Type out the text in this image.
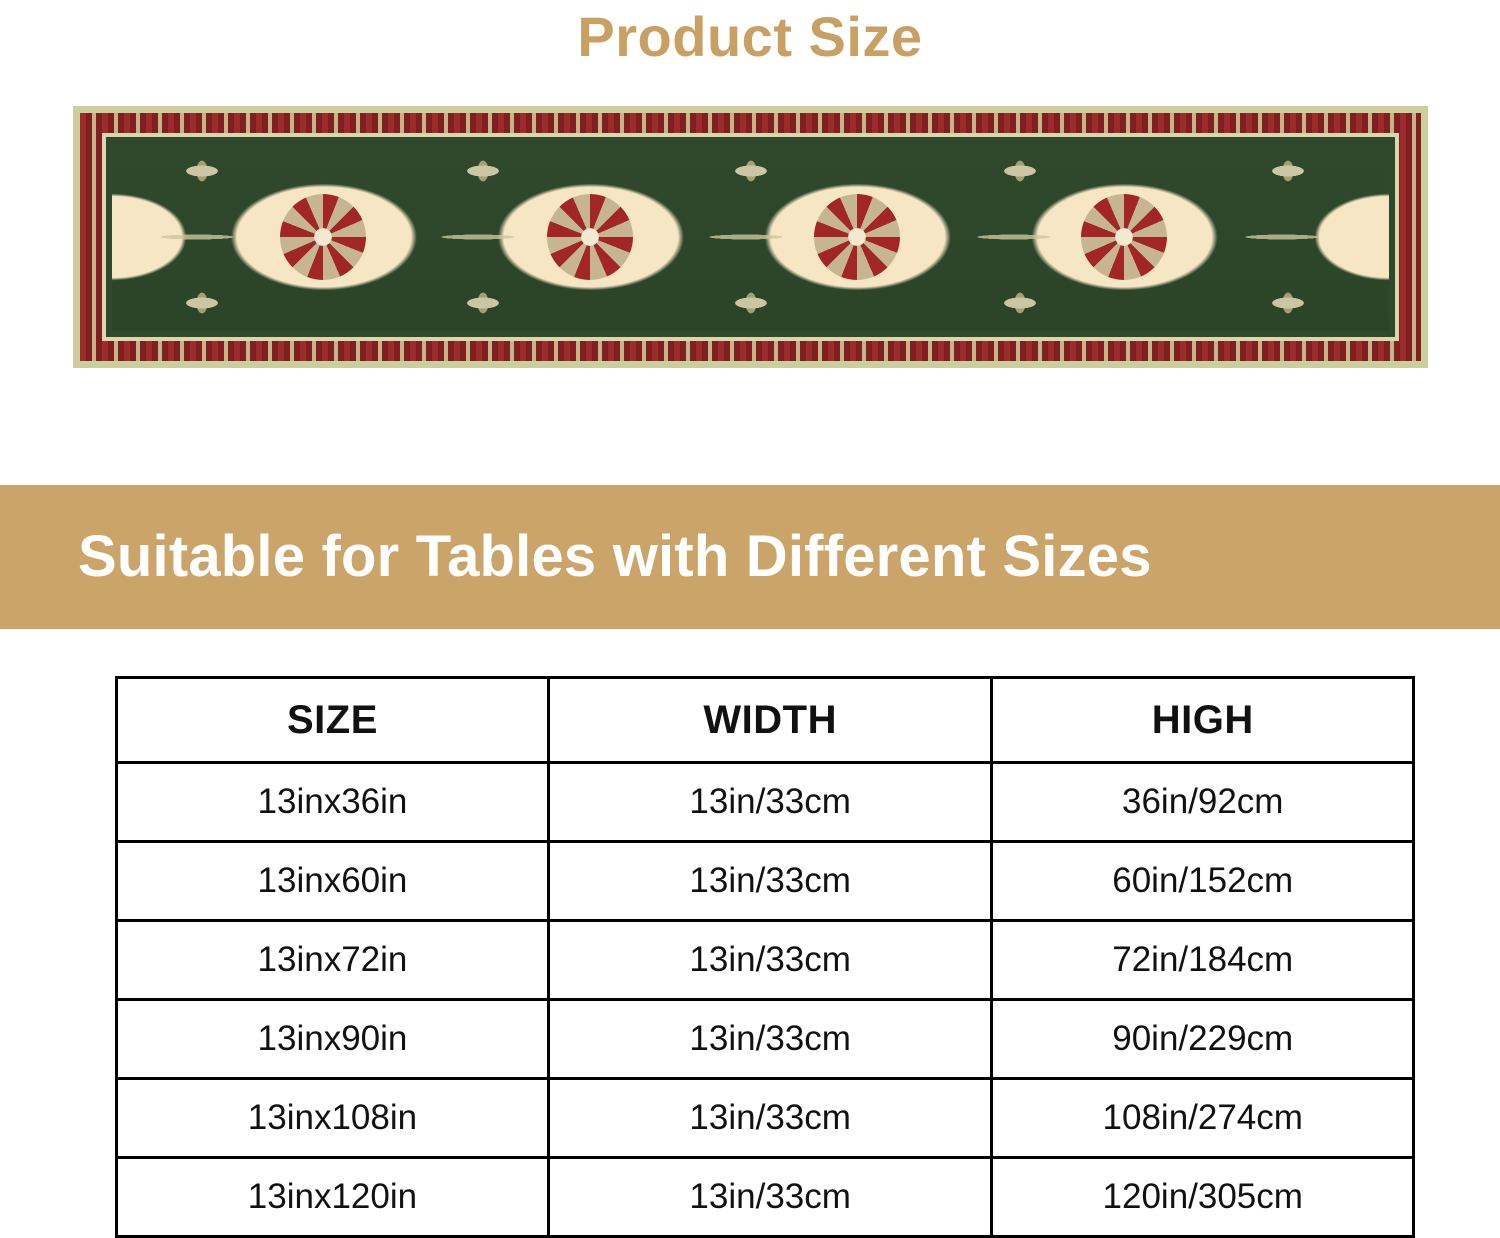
Product Size
Suitable for Tables with Different Sizes
SIZE	WIDTH	HIGH
13inx36in	13in/33cm	36in/92cm
13inx60in	13in/33cm	60in/152cm
13inx72in	13in/33cm	72in/184cm
13inx90in	13in/33cm	90in/229cm
13inx108in	13in/33cm	108in/274cm
13inx120in	13in/33cm	120in/305cm
